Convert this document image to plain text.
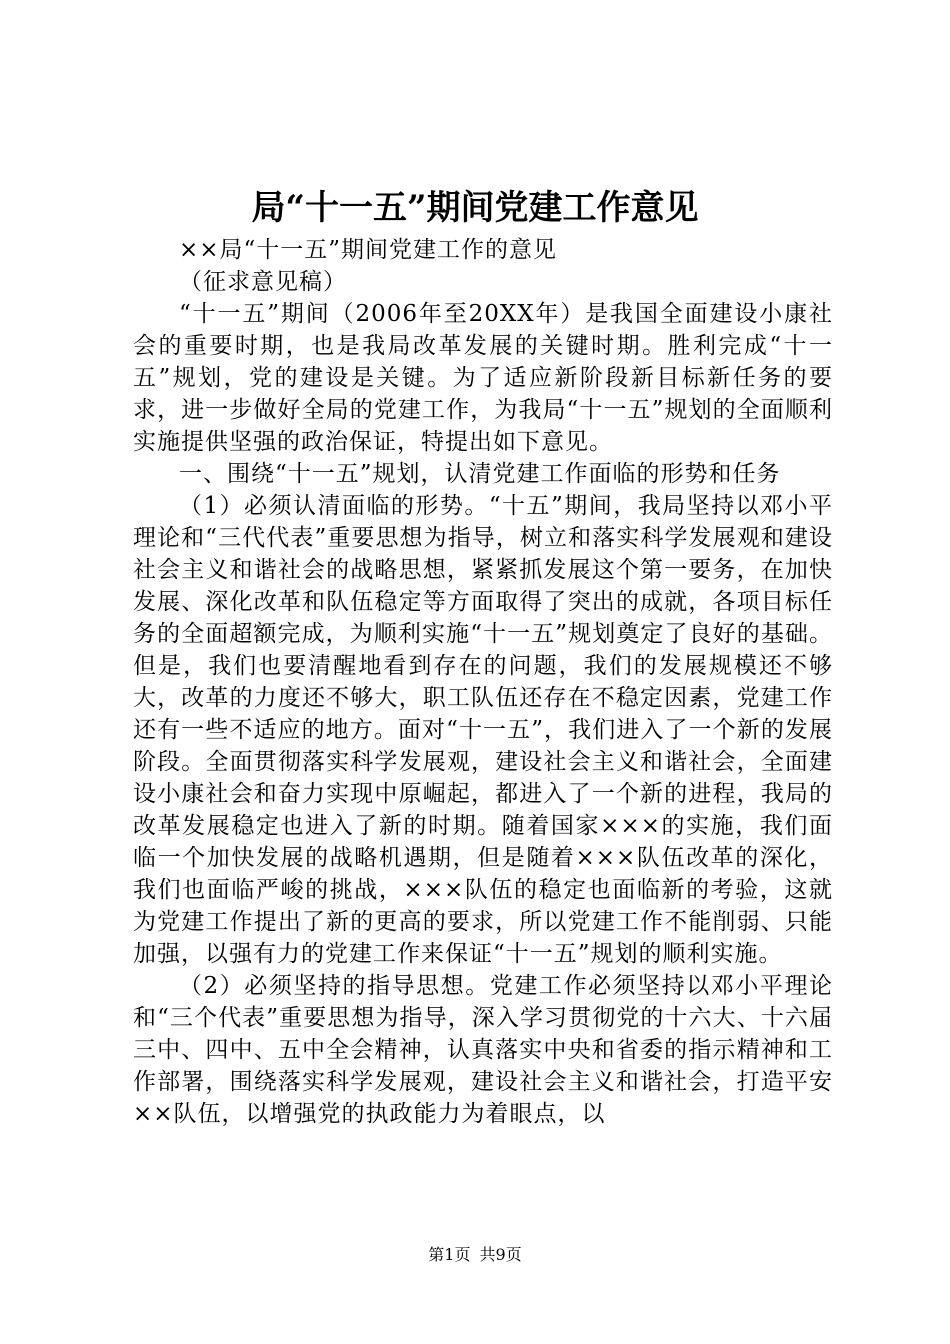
局“十一五”期间党建工作意见

××局“十一五”期间党建工作的意见

（征求意见稿）

“十一五”期间（2006年至20XX年）是我国全面建设小康社会的重要时期，也是我局改革发展的关键时期。胜利完成“十一五”规划，党的建设是关键。为了适应新阶段新目标新任务的要求，进一步做好全局的党建工作，为我局“十一五”规划的全面顺利实施提供坚强的政治保证，特提出如下意见。

一、围绕“十一五”规划，认清党建工作面临的形势和任务

（1）必须认清面临的形势。“十五”期间，我局坚持以邓小平理论和“三代代表”重要思想为指导，树立和落实科学发展观和建设社会主义和谐社会的战略思想，紧紧抓发展这个第一要务，在加快发展、深化改革和队伍稳定等方面取得了突出的成就，各项目标任务的全面超额完成，为顺利实施“十一五”规划奠定了良好的基础。但是，我们也要清醒地看到存在的问题，我们的发展规模还不够大，改革的力度还不够大，职工队伍还存在不稳定因素，党建工作还有一些不适应的地方。面对“十一五”，我们进入了一个新的发展阶段。全面贯彻落实科学发展观，建设社会主义和谐社会，全面建设小康社会和奋力实现中原崛起，都进入了一个新的进程，我局的改革发展稳定也进入了新的时期。随着国家×××的实施，我们面临一个加快发展的战略机遇期，但是随着×××队伍改革的深化，我们也面临严峻的挑战，×××队伍的稳定也面临新的考验，这就为党建工作提出了新的更高的要求，所以党建工作不能削弱、只能加强，以强有力的党建工作来保证“十一五”规划的顺利实施。

（2）必须坚持的指导思想。党建工作必须坚持以邓小平理论和“三个代表”重要思想为指导，深入学习贯彻党的十六大、十六届三中、四中、五中全会精神，认真落实中央和省委的指示精神和工作部署，围绕落实科学发展观，建设社会主义和谐社会，打造平安××队伍，以增强党的执政能力为着眼点，以

第1页 共9页
